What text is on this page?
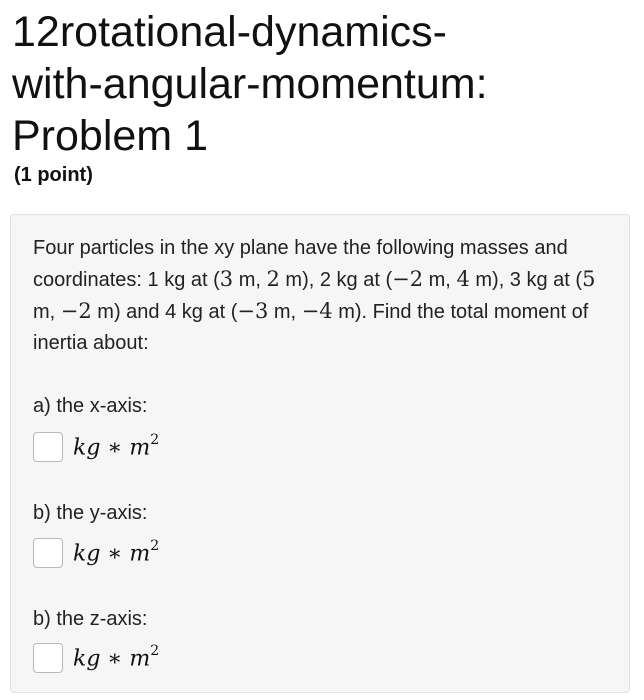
12rotational-dynamics-
with-angular-momentum:
Problem 1
(1 point)
Four particles in the xy plane have the following masses and coordinates: 1 kg at (3 m, 2 m), 2 kg at (−2 m, 4 m), 3 kg at (5 m, −2 m) and 4 kg at (−3 m, −4 m). Find the total moment of inertia about:
a) the x-axis:
kg ∗ $m^2$
b) the y-axis:
kg ∗ $m^2$
b) the z-axis:
kg ∗ $m^2$
